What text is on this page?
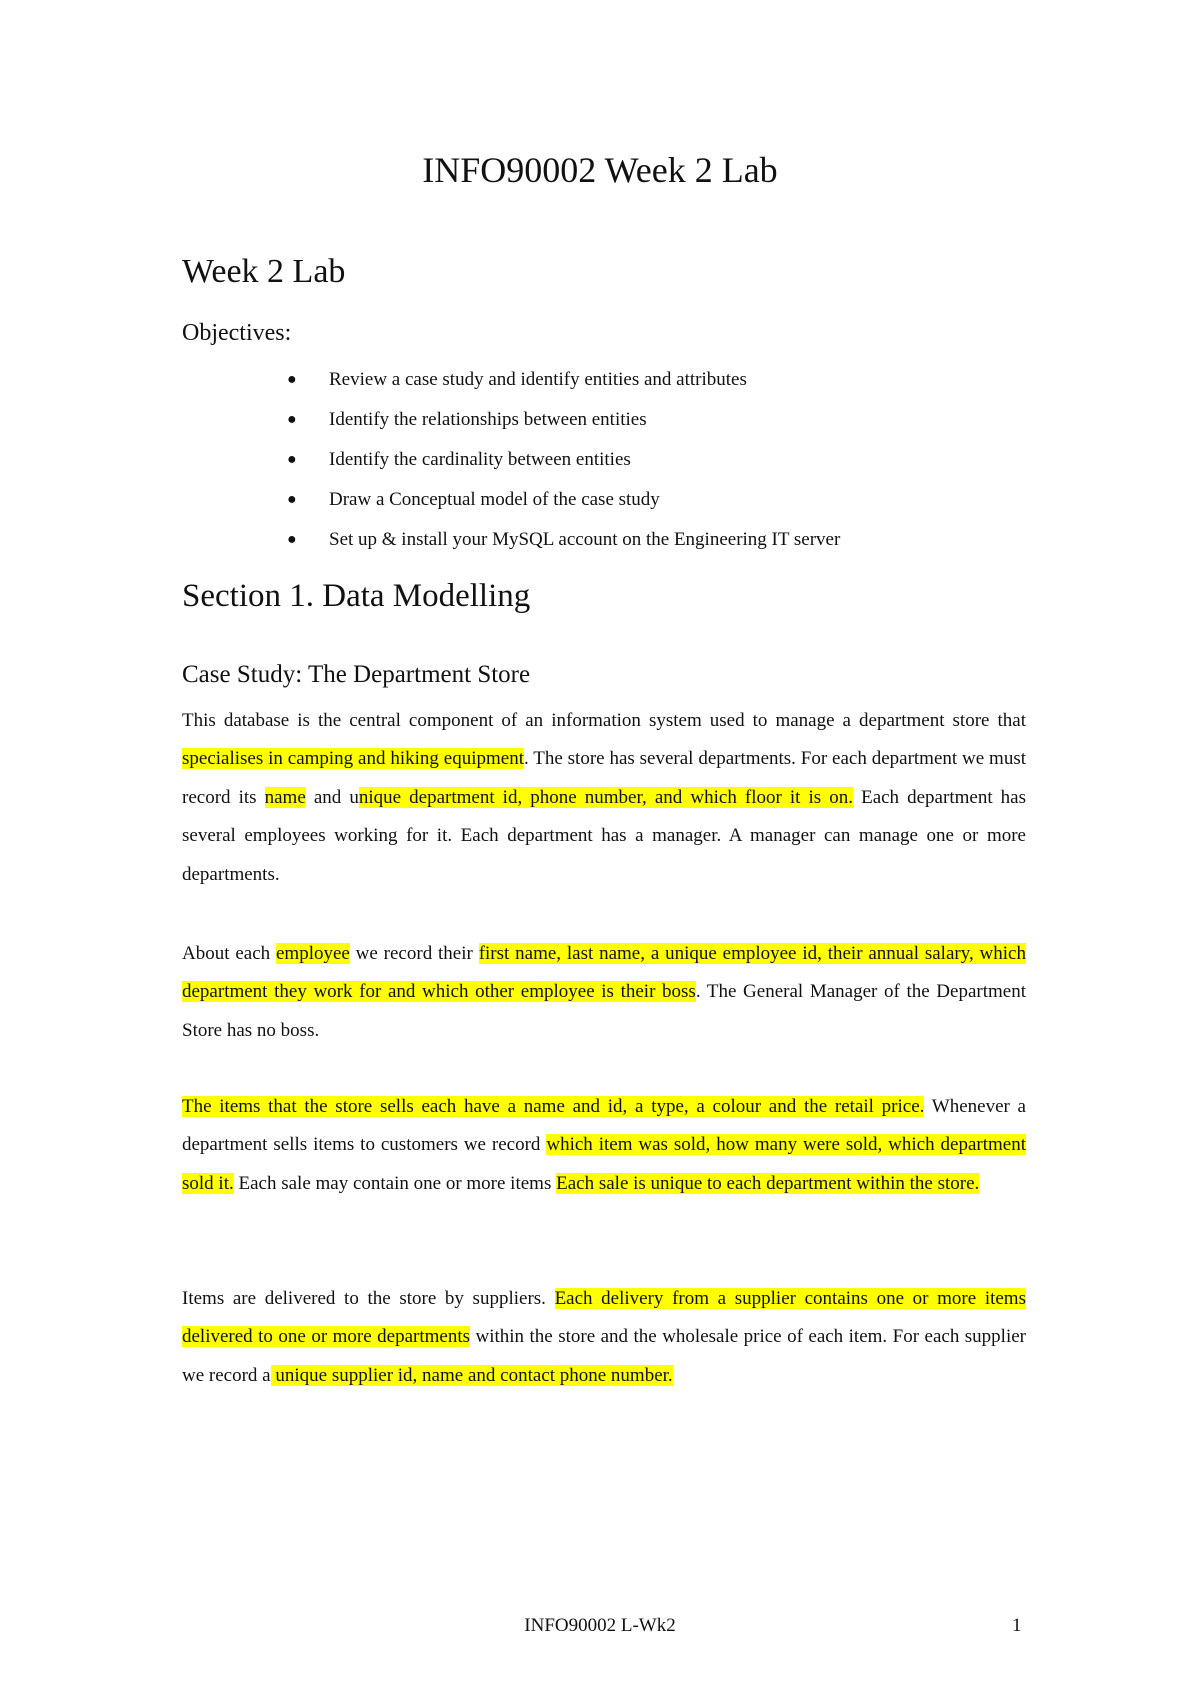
INFO90002 Week 2 Lab
Week 2 Lab
Objectives:
● Review a case study and identify entities and attributes
● Identify the relationships between entities
● Identify the cardinality between entities
● Draw a Conceptual model of the case study
● Set up & install your MySQL account on the Engineering IT server
Section 1. Data Modelling
Case Study: The Department Store

This database is the central component of an information system used to manage a department store that specialises in camping and hiking equipment. The store has several departments. For each department we must record its name and unique department id, phone number, and which floor it is on. Each department has several employees working for it. Each department has a manager. A manager can manage one or more departments.

About each employee we record their first name, last name, a unique employee id, their annual salary, which department they work for and which other employee is their boss. The General Manager of the Department Store has no boss.

The items that the store sells each have a name and id, a type, a colour and the retail price. Whenever a department sells items to customers we record which item was sold, how many were sold, which department sold it. Each sale may contain one or more items Each sale is unique to each department within the store.

Items are delivered to the store by suppliers. Each delivery from a supplier contains one or more items delivered to one or more departments within the store and the wholesale price of each item. For each supplier we record a unique supplier id, name and contact phone number.

INFO90002 L-Wk2	1
